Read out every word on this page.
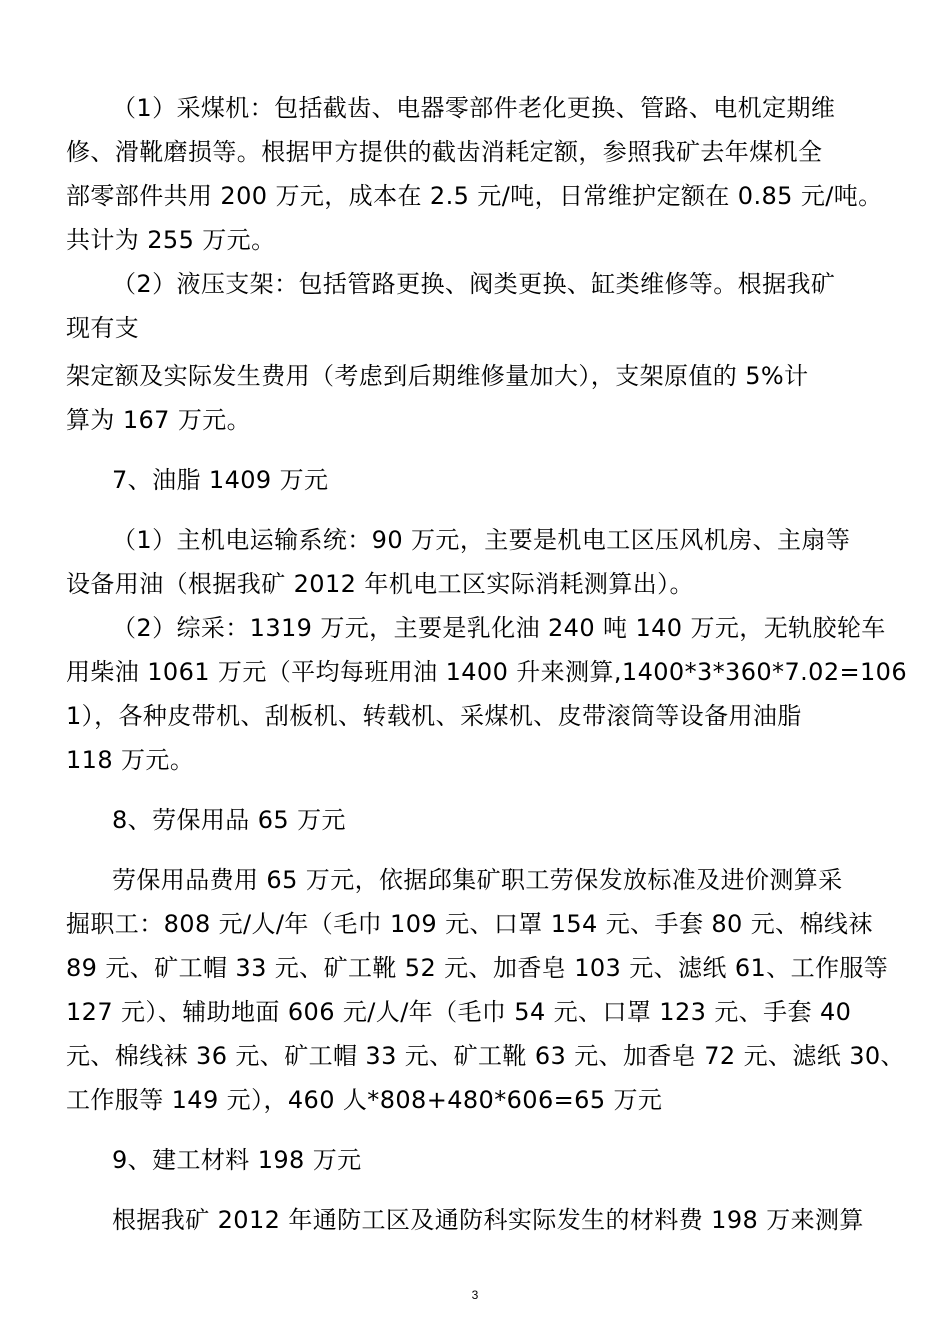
（1）采煤机：包括截齿、电器零部件老化更换、管路、电机定期维
修、滑靴磨损等。根据甲方提供的截齿消耗定额，参照我矿去年煤机全
部零部件共用 200 万元，成本在 2.5 元/吨，日常维护定额在 0.85 元/吨。
共计为 255 万元。
（2）液压支架：包括管路更换、阀类更换、缸类维修等。根据我矿
现有支
架定额及实际发生费用（考虑到后期维修量加大），支架原值的 5%计
算为 167 万元。
7、油脂 1409 万元
（1）主机电运输系统：90 万元，主要是机电工区压风机房、主扇等
设备用油（根据我矿 2012 年机电工区实际消耗测算出）。
（2）综采：1319 万元，主要是乳化油 240 吨 140 万元，无轨胶轮车
用柴油 1061 万元（平均每班用油 1400 升来测算,1400*3*360*7.02=106
1），各种皮带机、刮板机、转载机、采煤机、皮带滚筒等设备用油脂
118 万元。
8、劳保用品 65 万元
劳保用品费用 65 万元，依据邱集矿职工劳保发放标准及进价测算采
掘职工：808 元/人/年（毛巾 109 元、口罩 154 元、手套 80 元、棉线袜
89 元、矿工帽 33 元、矿工靴 52 元、加香皂 103 元、滤纸 61、工作服等
127 元）、辅助地面 606 元/人/年（毛巾 54 元、口罩 123 元、手套 40
元、棉线袜 36 元、矿工帽 33 元、矿工靴 63 元、加香皂 72 元、滤纸 30、
工作服等 149 元），460 人*808+480*606=65 万元
9、建工材料 198 万元
根据我矿 2012 年通防工区及通防科实际发生的材料费 198 万来测算
3
